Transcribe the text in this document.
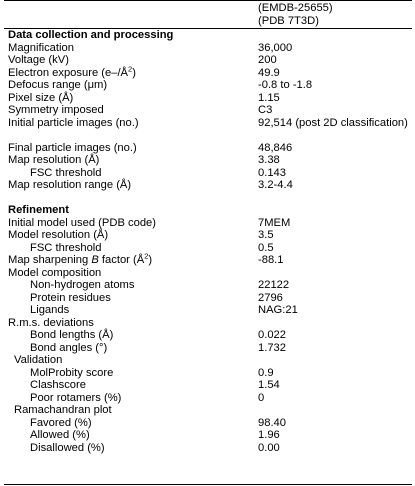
(EMDB-25655)
(PDB 7T3D)
Data collection and processing
Magnification	36,000
Voltage (kV)	200
Electron exposure $(e-/Å^2)$	49.9
Defocus range (μm)	-0.8 to -1.8
Pixel size (Å)	1.15
Symmetry imposed	C3
Initial particle images (no.)	92,514 (post 2D classification)
Final particle images (no.)	48,846
Map resolution (Å)	3.38
FSC threshold	0.143
Map resolution range (Å)	3.2-4.4
Refinement
Initial model used (PDB code)	7MEM
Model resolution (Å)	3.5
FSC threshold	0.5
Map sharpening B factor $(Å^2)$	-88.1
Model composition
Non-hydrogen atoms	22122
Protein residues	2796
Ligands	NAG:21
R.m.s. deviations
Bond lengths (Å)	0.022
Bond angles (°)	1.732
Validation
MolProbity score	0.9
Clashscore	1.54
Poor rotamers (%)	0
Ramachandran plot
Favored (%)	98.40
Allowed (%)	1.96
Disallowed (%)	0.00
